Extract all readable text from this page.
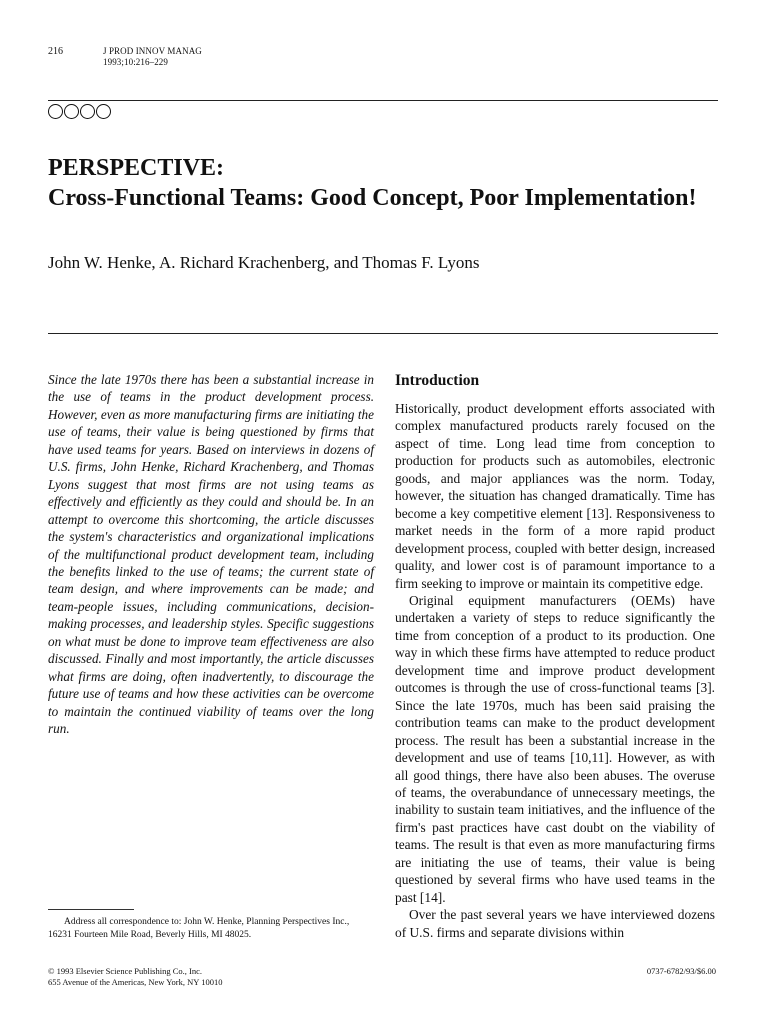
216	J PROD INNOV MANAG
1993;10:216–229
PERSPECTIVE:
Cross-Functional Teams: Good Concept, Poor Implementation!
John W. Henke, A. Richard Krachenberg, and Thomas F. Lyons

Since the late 1970s there has been a substantial increase in the use of teams in the product development process. However, even as more manufacturing firms are initiating the use of teams, their value is being questioned by firms that have used teams for years. Based on interviews in dozens of U.S. firms, John Henke, Richard Krachenberg, and Thomas Lyons suggest that most firms are not using teams as effectively and efficiently as they could and should be. In an attempt to overcome this shortcoming, the article discusses the system's characteristics and organizational implications of the multifunctional product development team, including the benefits linked to the use of teams; the current state of team design, and where improvements can be made; and team-people issues, including communications, decision-making processes, and leadership styles. Specific suggestions on what must be done to improve team effectiveness are also discussed. Finally and most importantly, the article discusses what firms are doing, often inadvertently, to discourage the future use of teams and how these activities can be overcome to maintain the continued viability of teams over the long run.

Address all correspondence to: John W. Henke, Planning Perspectives Inc., 16231 Fourteen Mile Road, Beverly Hills, MI 48025.
Introduction

Historically, product development efforts associated with complex manufactured products rarely focused on the aspect of time. Long lead time from conception to production for products such as automobiles, electronic goods, and major appliances was the norm. Today, however, the situation has changed dramatically. Time has become a key competitive element [13]. Responsiveness to market needs in the form of a more rapid product development process, coupled with better design, increased quality, and lower cost is of paramount importance to a firm seeking to improve or maintain its competitive edge.

Original equipment manufacturers (OEMs) have undertaken a variety of steps to reduce significantly the time from conception of a product to its production. One way in which these firms have attempted to reduce product development time and improve product development outcomes is through the use of cross-functional teams [3]. Since the late 1970s, much has been said praising the contribution teams can make to the product development process. The result has been a substantial increase in the development and use of teams [10,11]. However, as with all good things, there have also been abuses. The overuse of teams, the overabundance of unnecessary meetings, the inability to sustain team initiatives, and the influence of the firm's past practices have cast doubt on the viability of teams. The result is that even as more manufacturing firms are initiating the use of teams, their value is being questioned by several firms who have used teams in the past [14].

Over the past several years we have interviewed dozens of U.S. firms and separate divisions within

© 1993 Elsevier Science Publishing Co., Inc.
655 Avenue of the Americas, New York, NY 10010
0737-6782/93/$6.00
